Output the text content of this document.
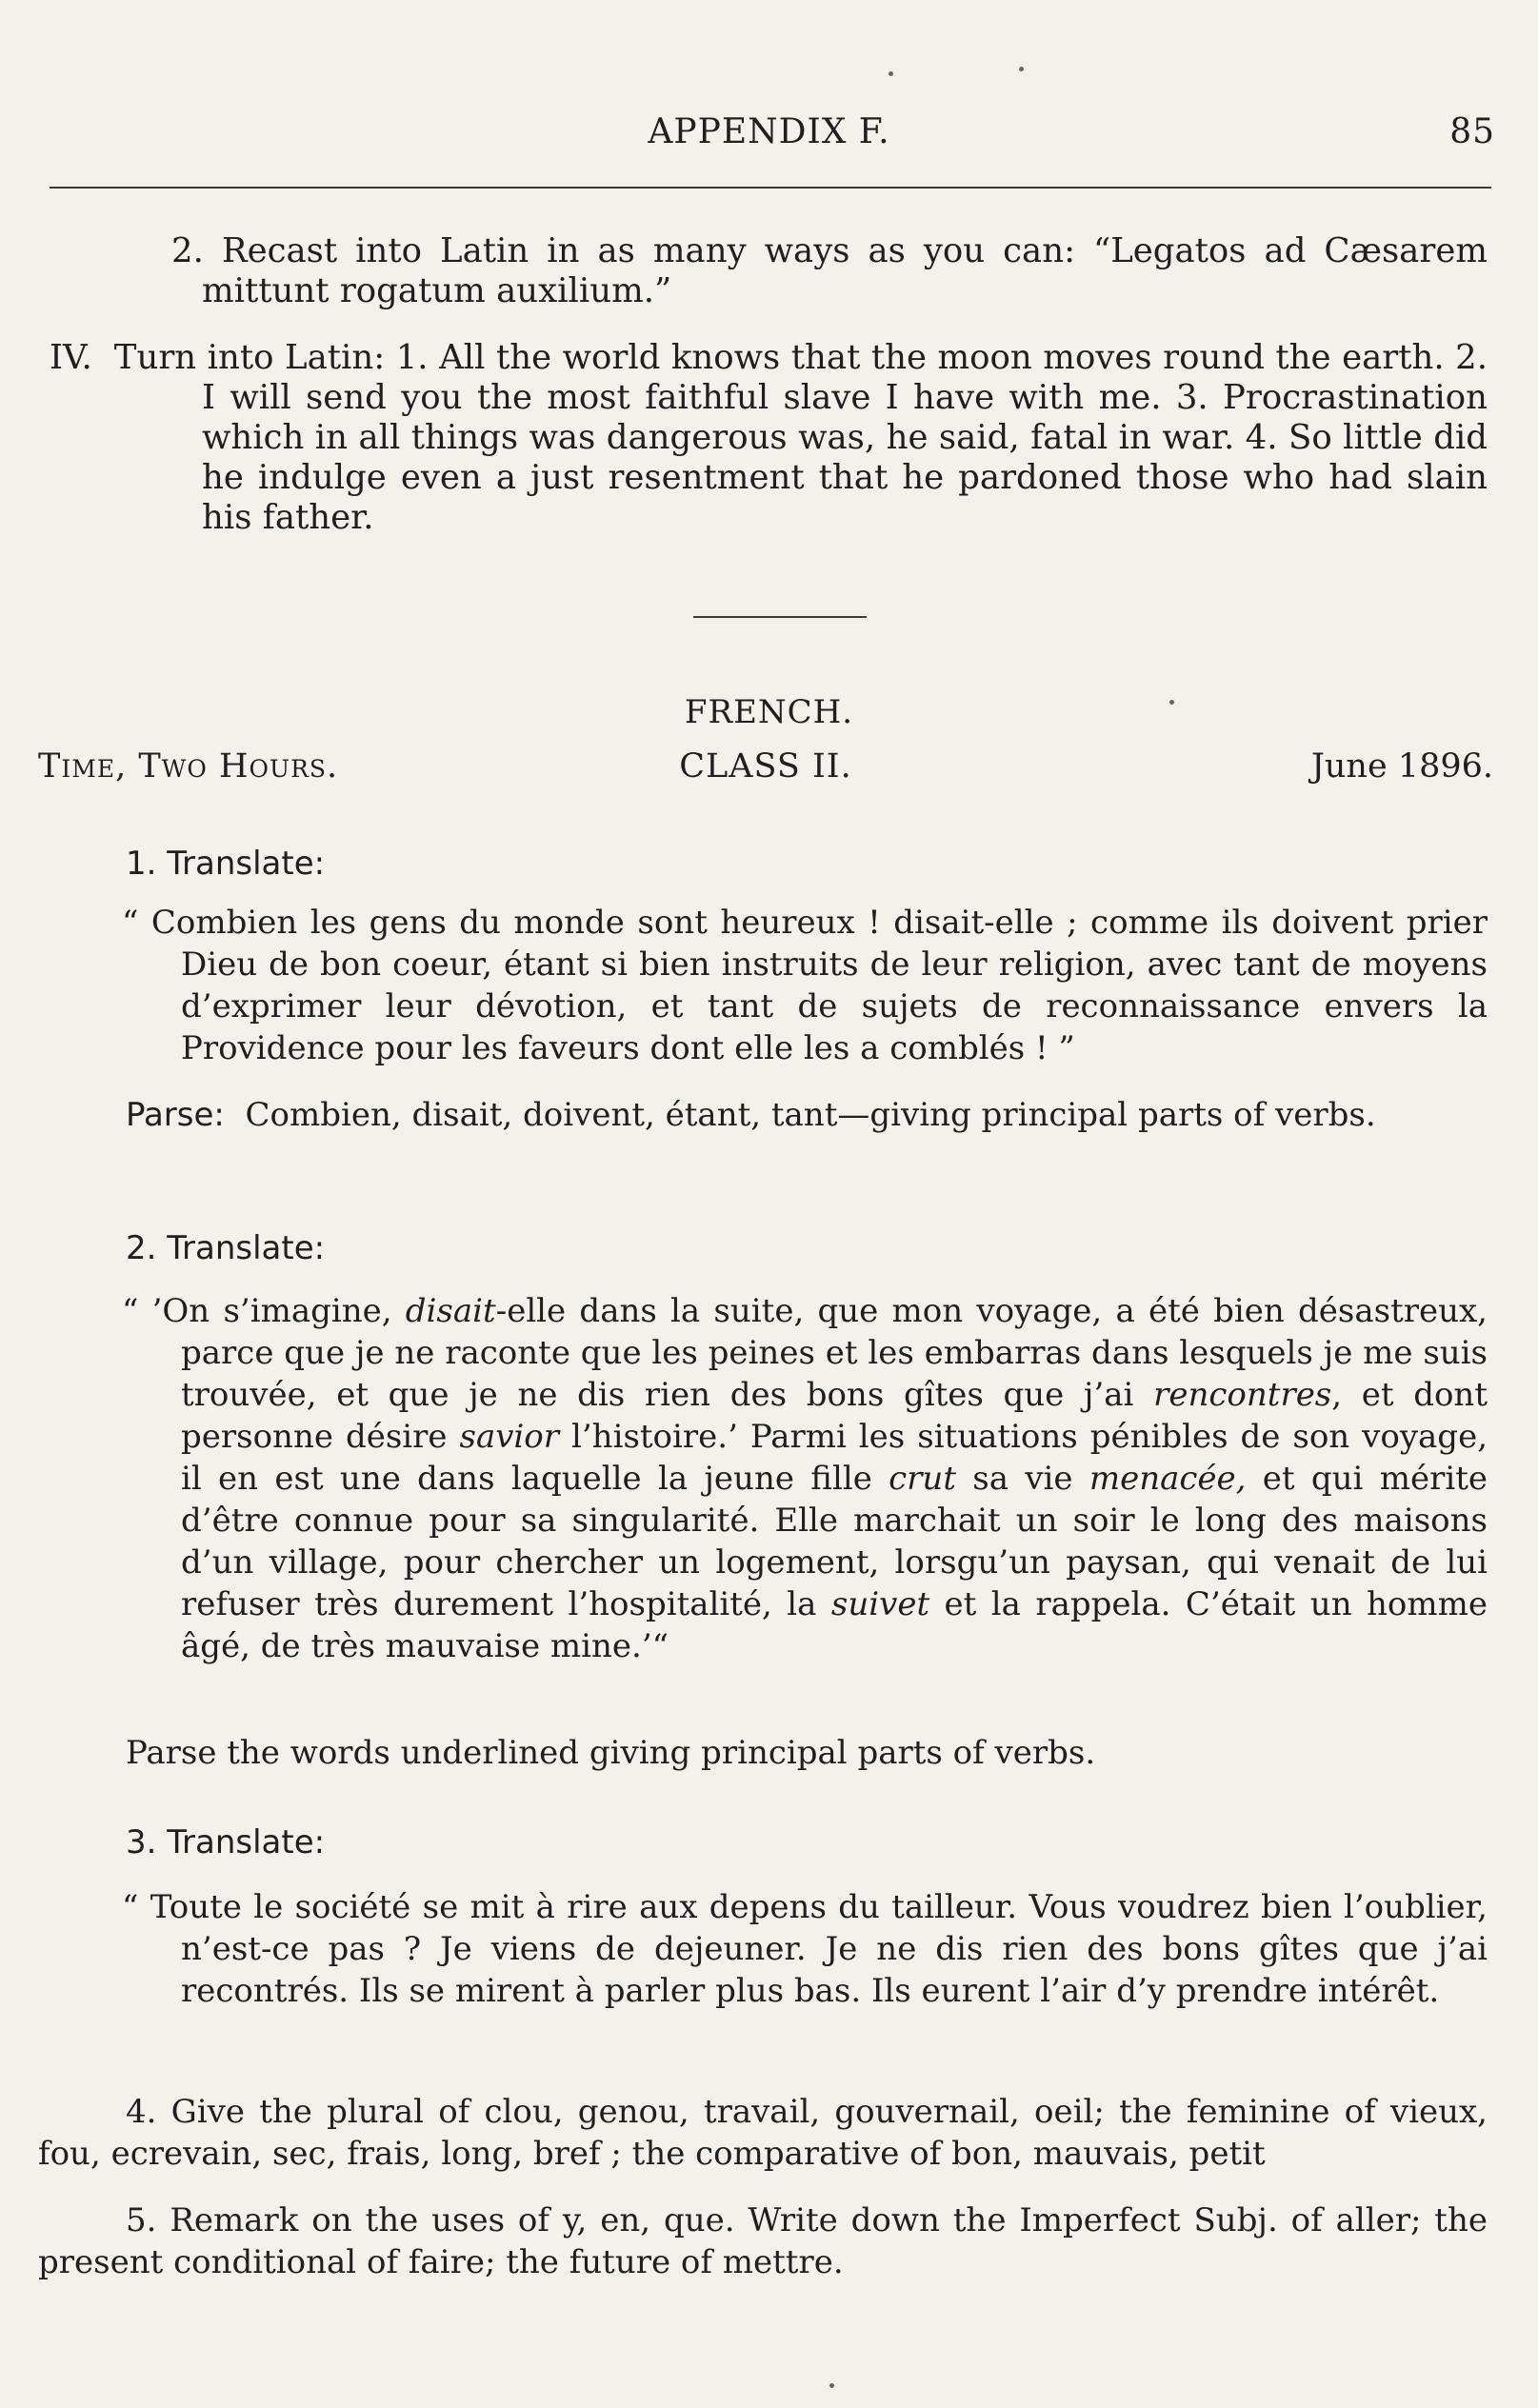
APPENDIX F.	85
2. Recast into Latin in as many ways as you can: “Legatos ad Cæsarem mittunt rogatum auxilium.”
IV. Turn into Latin: 1. All the world knows that the moon moves round the earth. 2. I will send you the most faithful slave I have with me. 3. Procrastination which in all things was dangerous was, he said, fatal in war. 4. So little did he indulge even a just resentment that he pardoned those who had slain his father.
FRENCH.
Time, Two Hours.	CLASS II.	June 1896.
1. Translate:
“ Combien les gens du monde sont heureux ! disait-elle ; comme ils doivent prier Dieu de bon coeur, étant si bien instruits de leur religion, avec tant de moyens d’exprimer leur dévotion, et tant de sujets de reconnaissance envers la Providence pour les faveurs dont elle les a comblés ! ”
Parse: Combien, disait, doivent, étant, tant—giving principal parts of verbs.
2. Translate:
“ ’On s’imagine, disait-elle dans la suite, que mon voyage, a été bien désastreux, parce que je ne raconte que les peines et les embarras dans lesquels je me suis trouvée, et que je ne dis rien des bons gîtes que j’ai rencontres, et dont personne désire savior l’histoire.’ Parmi les situations pénibles de son voyage, il en est une dans laquelle la jeune fille crut sa vie menacée, et qui mérite d’être connue pour sa singularité. Elle marchait un soir le long des maisons d’un village, pour chercher un logement, lorsgu’un paysan, qui venait de lui refuser très durement l’hospitalité, la suivet et la rappela. C’était un homme âgé, de très mauvaise mine.’“
Parse the words underlined giving principal parts of verbs.
3. Translate:
“ Toute le société se mit à rire aux depens du tailleur. Vous voudrez bien l’oublier, n’est-ce pas ? Je viens de dejeuner. Je ne dis rien des bons gîtes que j’ai recontrés. Ils se mirent à parler plus bas. Ils eurent l’air d’y prendre intérêt.
4. Give the plural of clou, genou, travail, gouvernail, oeil; the feminine of vieux, fou, ecrevain, sec, frais, long, bref ; the comparative of bon, mauvais, petit
5. Remark on the uses of y, en, que. Write down the Imperfect Subj. of aller; the present conditional of faire; the future of mettre.
